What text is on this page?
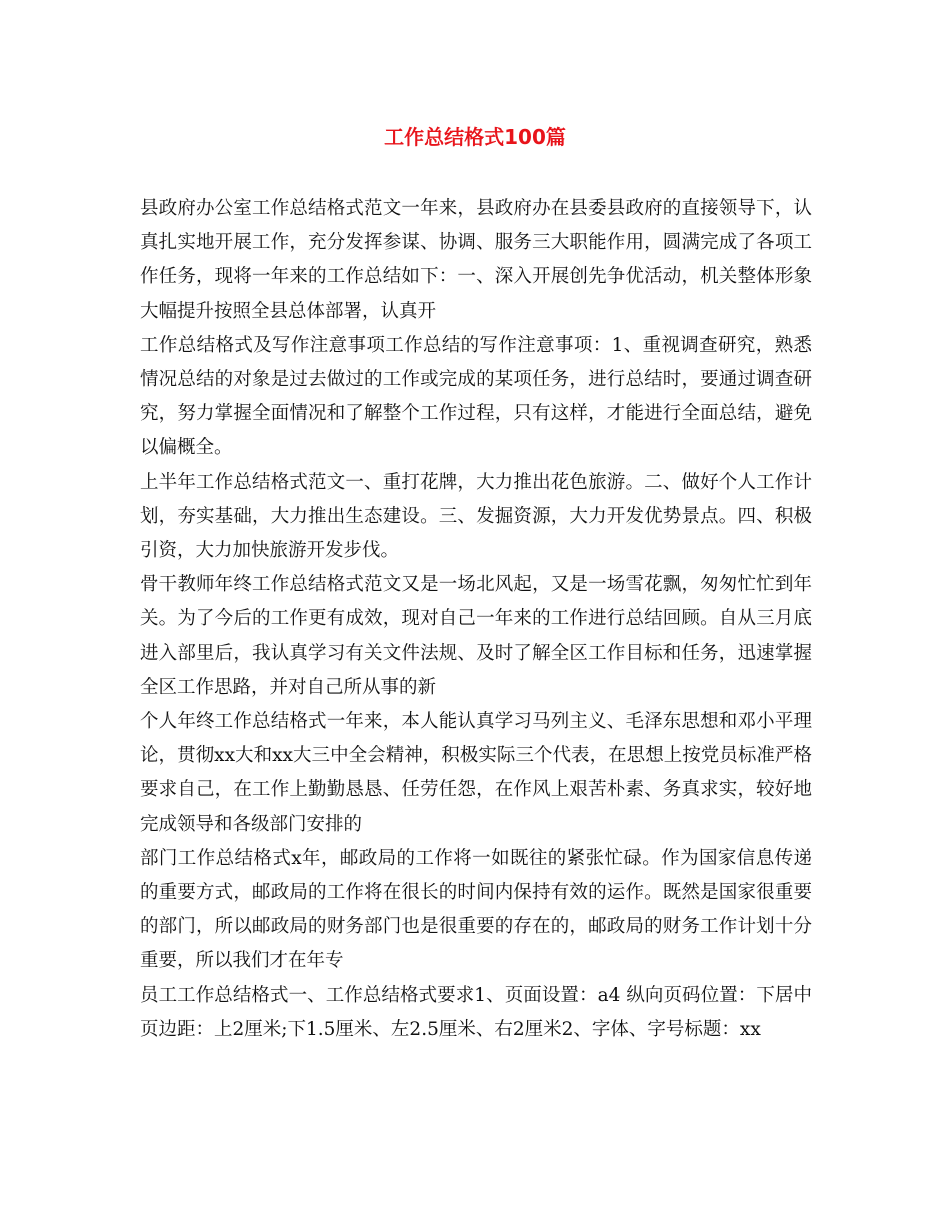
工作总结格式100篇

县政府办公室工作总结格式范文一年来，县政府办在县委县政府的直接领导下，认真扎实地开展工作，充分发挥参谋、协调、服务三大职能作用，圆满完成了各项工作任务，现将一年来的工作总结如下：一、深入开展创先争优活动，机关整体形象大幅提升按照全县总体部署，认真开

工作总结格式及写作注意事项工作总结的写作注意事项：1、重视调查研究，熟悉情况总结的对象是过去做过的工作或完成的某项任务，进行总结时，要通过调查研究，努力掌握全面情况和了解整个工作过程，只有这样，才能进行全面总结，避免以偏概全。

上半年工作总结格式范文一、重打花牌，大力推出花色旅游。二、做好个人工作计划，夯实基础，大力推出生态建设。三、发掘资源，大力开发优势景点。四、积极引资，大力加快旅游开发步伐。

骨干教师年终工作总结格式范文又是一场北风起，又是一场雪花飘，匆匆忙忙到年关。为了今后的工作更有成效，现对自己一年来的工作进行总结回顾。自从三月底进入部里后，我认真学习有关文件法规、及时了解全区工作目标和任务，迅速掌握全区工作思路，并对自己所从事的新

个人年终工作总结格式一年来，本人能认真学习马列主义、毛泽东思想和邓小平理论，贯彻xx大和xx大三中全会精神，积极实际三个代表，在思想上按党员标准严格要求自己，在工作上勤勤恳恳、任劳任怨，在作风上艰苦朴素、务真求实，较好地完成领导和各级部门安排的

部门工作总结格式x年，邮政局的工作将一如既往的紧张忙碌。作为国家信息传递的重要方式，邮政局的工作将在很长的时间内保持有效的运作。既然是国家很重要的部门，所以邮政局的财务部门也是很重要的存在的，邮政局的财务工作计划十分重要，所以我们才在年专

员工工作总结格式一、工作总结格式要求1、页面设置：a4 纵向页码位置：下居中页边距：上2厘米;下1.5厘米、左2.5厘米、右2厘米2、字体、字号标题：xx
